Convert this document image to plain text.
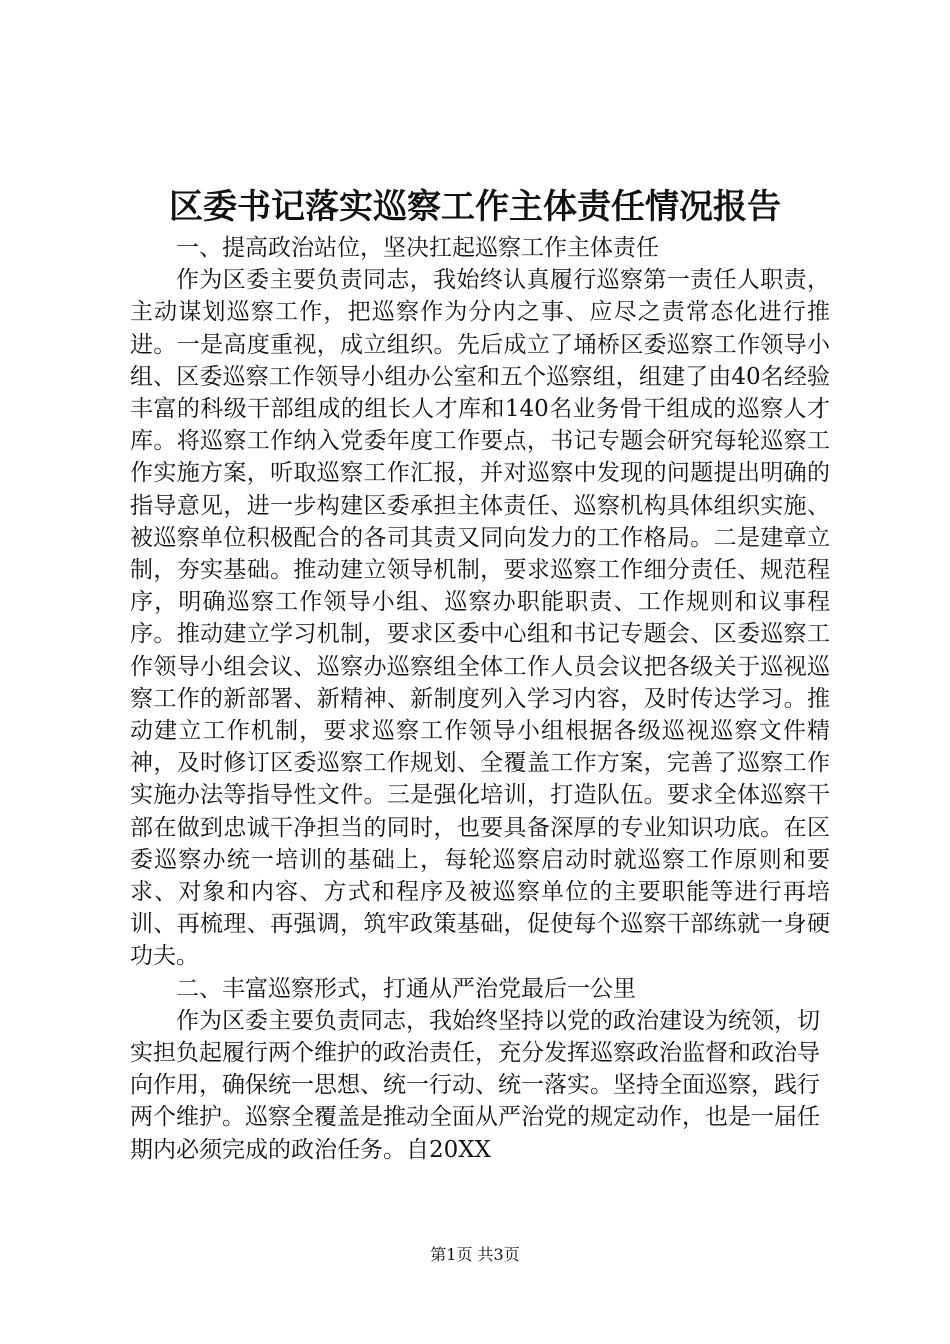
区委书记落实巡察工作主体责任情况报告

一、提高政治站位，坚决扛起巡察工作主体责任

作为区委主要负责同志，我始终认真履行巡察第一责任人职责，主动谋划巡察工作，把巡察作为分内之事、应尽之责常态化进行推进。一是高度重视，成立组织。先后成立了埇桥区委巡察工作领导小组、区委巡察工作领导小组办公室和五个巡察组，组建了由40名经验丰富的科级干部组成的组长人才库和140名业务骨干组成的巡察人才库。将巡察工作纳入党委年度工作要点，书记专题会研究每轮巡察工作实施方案，听取巡察工作汇报，并对巡察中发现的问题提出明确的指导意见，进一步构建区委承担主体责任、巡察机构具体组织实施、被巡察单位积极配合的各司其责又同向发力的工作格局。二是建章立制，夯实基础。推动建立领导机制，要求巡察工作细分责任、规范程序，明确巡察工作领导小组、巡察办职能职责、工作规则和议事程序。推动建立学习机制，要求区委中心组和书记专题会、区委巡察工作领导小组会议、巡察办巡察组全体工作人员会议把各级关于巡视巡察工作的新部署、新精神、新制度列入学习内容，及时传达学习。推动建立工作机制，要求巡察工作领导小组根据各级巡视巡察文件精神，及时修订区委巡察工作规划、全覆盖工作方案，完善了巡察工作实施办法等指导性文件。三是强化培训，打造队伍。要求全体巡察干部在做到忠诚干净担当的同时，也要具备深厚的专业知识功底。在区委巡察办统一培训的基础上，每轮巡察启动时就巡察工作原则和要求、对象和内容、方式和程序及被巡察单位的主要职能等进行再培训、再梳理、再强调，筑牢政策基础，促使每个巡察干部练就一身硬功夫。

二、丰富巡察形式，打通从严治党最后一公里

作为区委主要负责同志，我始终坚持以党的政治建设为统领，切实担负起履行两个维护的政治责任，充分发挥巡察政治监督和政治导向作用，确保统一思想、统一行动、统一落实。坚持全面巡察，践行两个维护。巡察全覆盖是推动全面从严治党的规定动作，也是一届任期内必须完成的政治任务。自20XX

第1页 共3页
